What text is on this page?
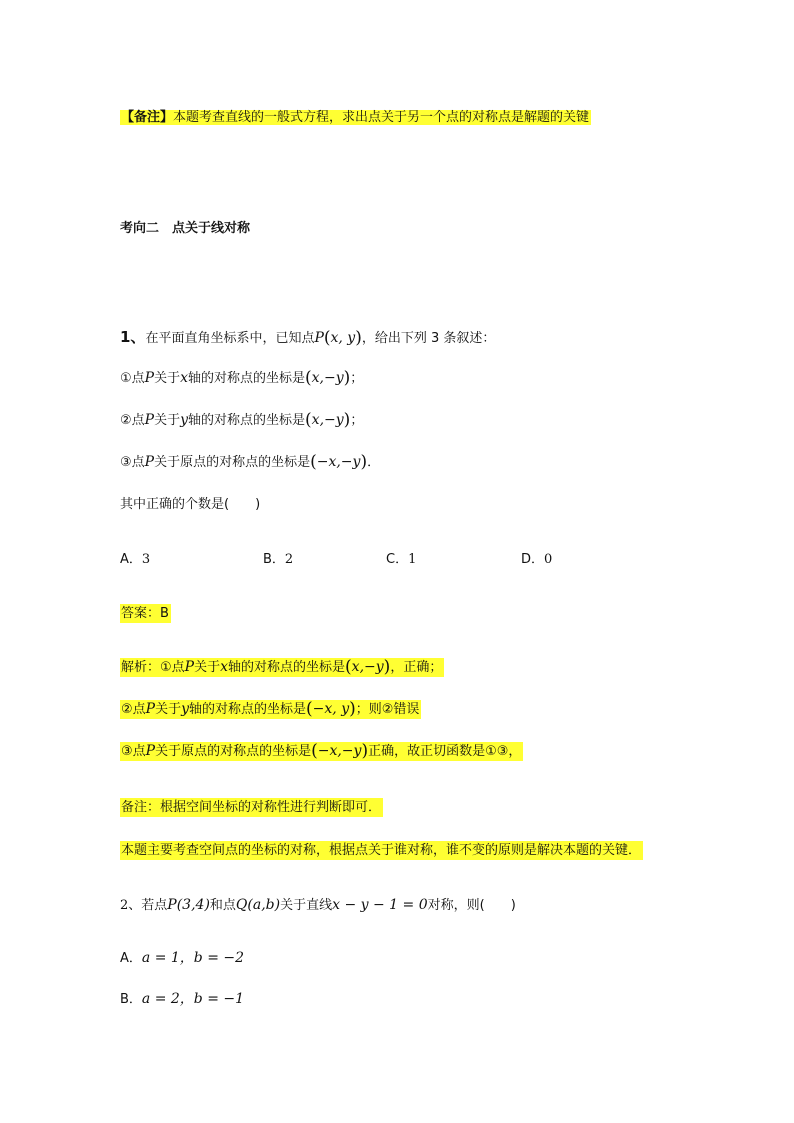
【备注】本题考查直线的一般式方程，求出点关于另一个点的对称点是解题的关键
考向二　点关于线对称
1、在平面直角坐标系中，已知点P(x, y)，给出下列 3 条叙述：
①点P关于x轴的对称点的坐标是(x,−y)；
②点P关于y轴的对称点的坐标是(x,−y)；
③点P关于原点的对称点的坐标是(−x,−y)．
其中正确的个数是(　　)
A．3	B．2	C．1	D．0
答案：B
解析：①点P关于x轴的对称点的坐标是(x,−y)，正确；
②点P关于y轴的对称点的坐标是(−x, y)；则②错误
③点P关于原点的对称点的坐标是(−x,−y)正确，故正切函数是①③，
备注：根据空间坐标的对称性进行判断即可．
本题主要考查空间点的坐标的对称，根据点关于谁对称，谁不变的原则是解决本题的关键．
2、若点P(3,4)和点Q(a,b)关于直线x − y − 1 = 0对称，则(　　)
A．a = 1，b = −2
B．a = 2，b = −1
